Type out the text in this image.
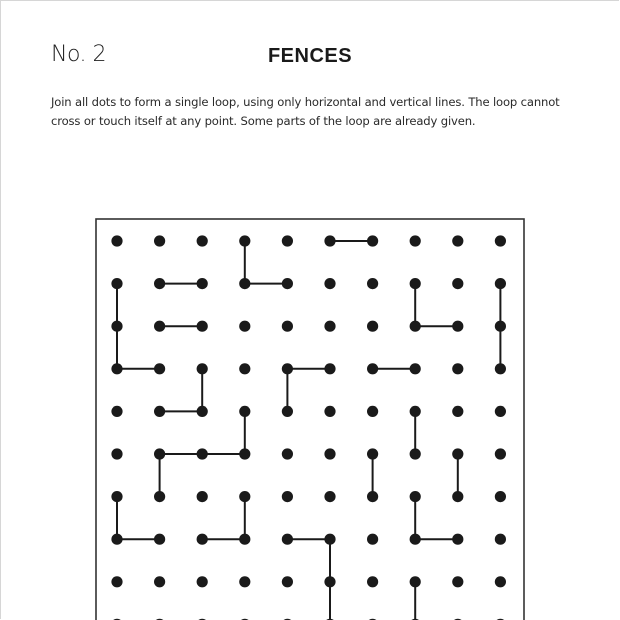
No. 2	FENCES
Join all dots to form a single loop, using only horizontal and vertical lines. The loop cannot cross or touch itself at any point. Some parts of the loop are already given.
